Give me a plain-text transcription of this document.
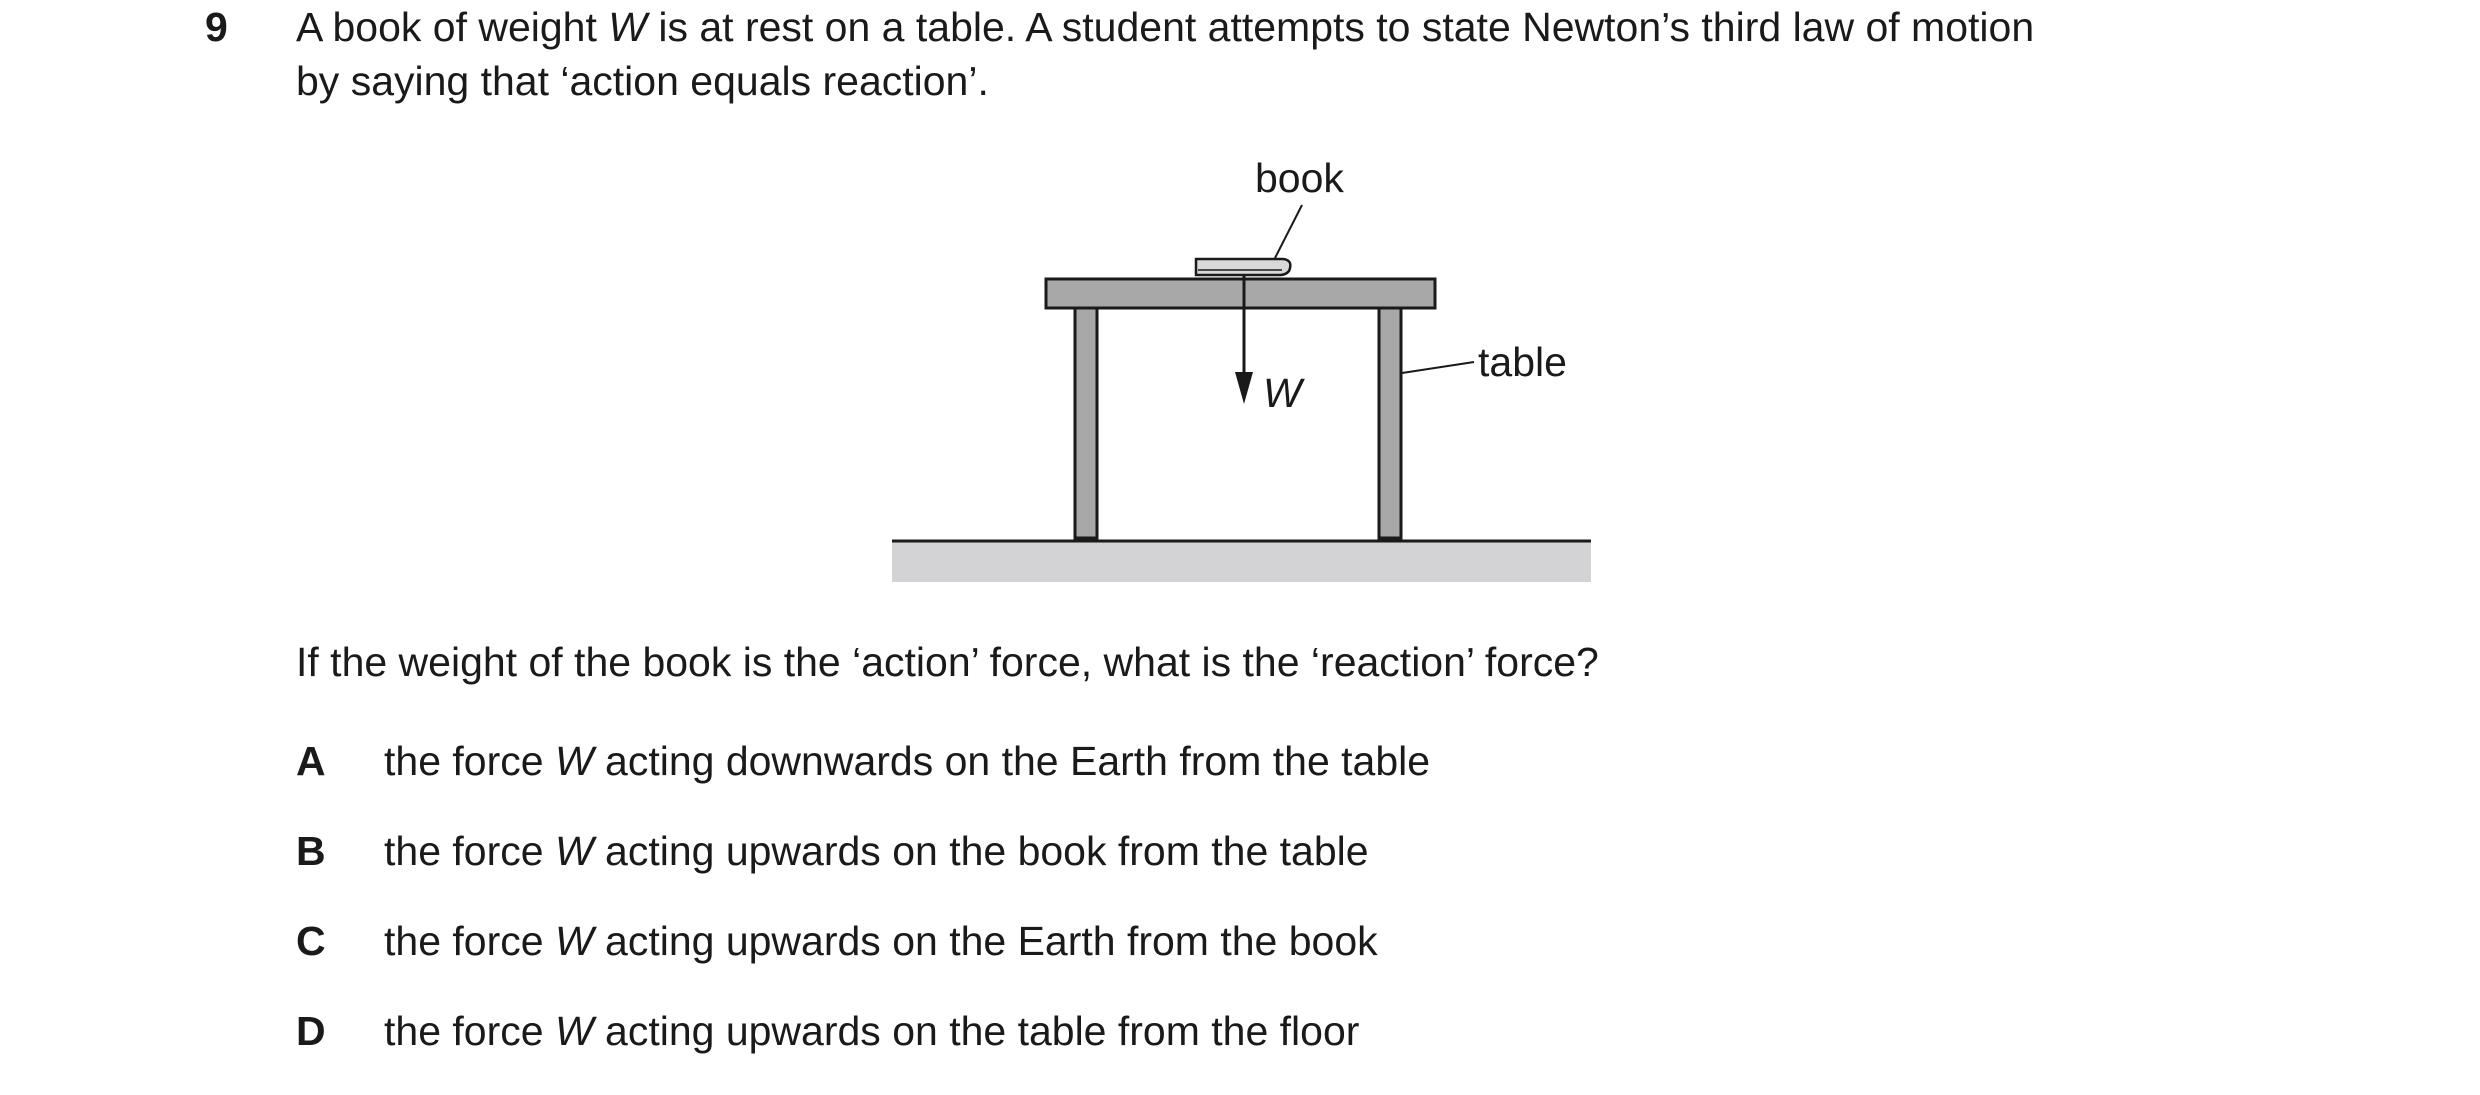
9 A book of weight W is at rest on a table. A student attempts to state Newton’s third law of motion

by saying that ‘action equals reaction’.

book
table
W
If the weight of the book is the ‘action’ force, what is the ‘reaction’ force?
A the force W acting downwards on the Earth from the table
B the force W acting upwards on the book from the table
C the force W acting upwards on the Earth from the book
D the force W acting upwards on the table from the floor
